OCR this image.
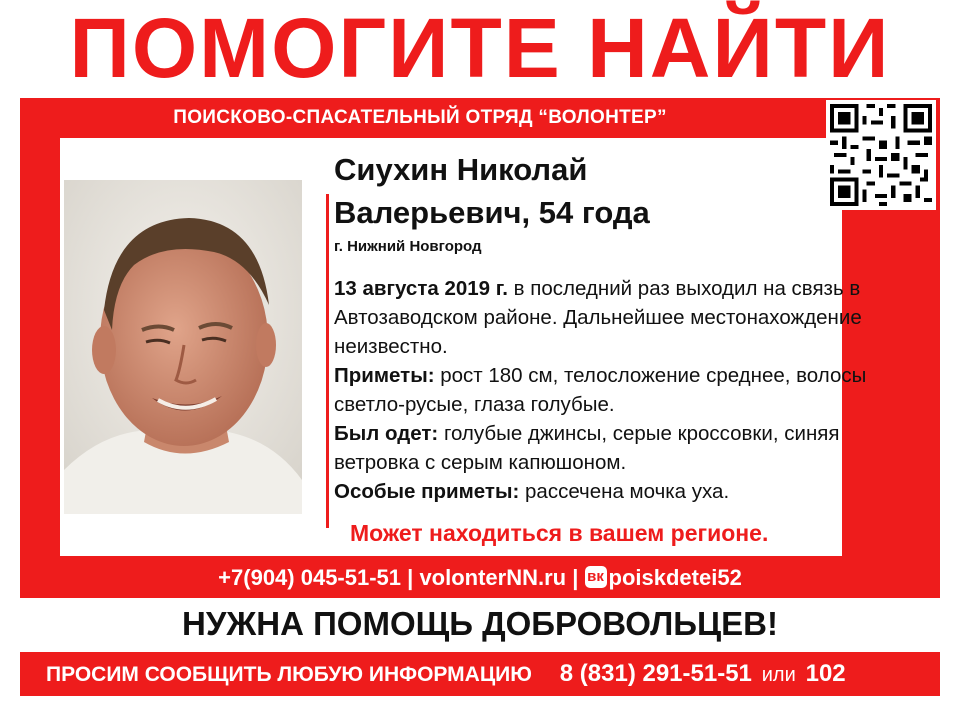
ПОМОГИТЕ НАЙТИ
ПОИСКОВО-СПАСАТЕЛЬНЫЙ ОТРЯД “ВОЛОНТЕР”
Сиухин Николай
Валерьевич, 54 года
г. Нижний Новгород

13 августа 2019 г. в последний раз выходил на связь в Автозаводском районе. Дальнейшее местонахождение неизвестно.

Приметы: рост 180 см, телосложение среднее, волосы светло-русые, глаза голубые.

Был одет: голубые джинсы, серые кроссовки, синяя ветровка с серым капюшоном.

Особые приметы: рассечена мочка уха.

Может находиться в вашем регионе.
+7(904) 045-51-51 | volonterNN.ru | вк poiskdetei52
НУЖНА ПОМОЩЬ ДОБРОВОЛЬЦЕВ!
ПРОСИМ СООБЩИТЬ ЛЮБУЮ ИНФОРМАЦИЮ 8 (831) 291-51-51 или 102
